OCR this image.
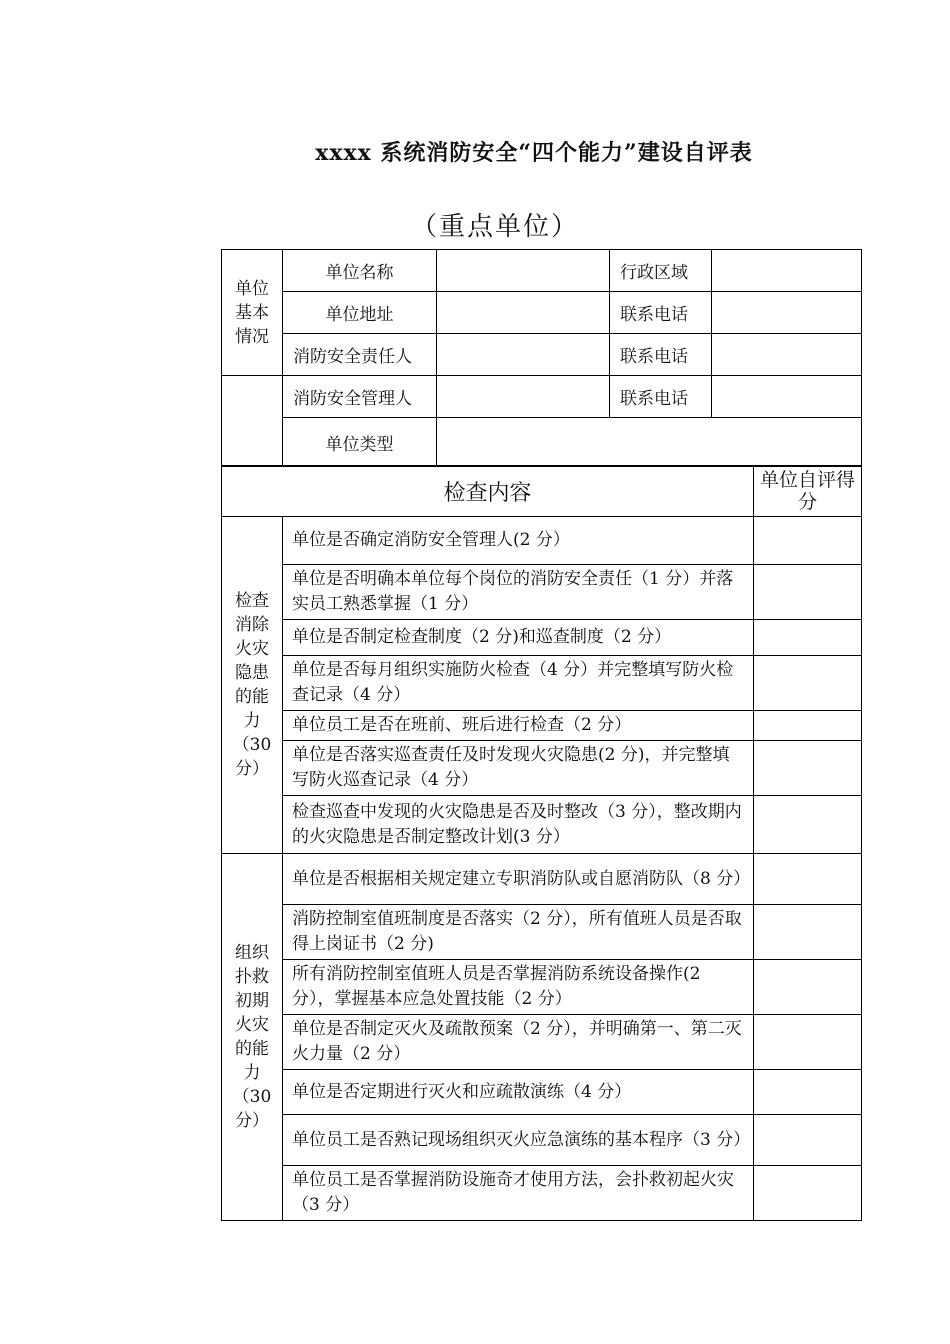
xxxx 系统消防安全“四个能力”建设自评表
（重点单位）
单位基本情况	单位名称		行政区域	
	单位地址		联系电话	
	消防安全责任人		联系电话	
	消防安全管理人		联系电话	
	单位类型			
检查内容		单位自评得分
检查消除火灾隐患的能力（30分）	单位是否确定消防安全管理人(2 分）	
	单位是否明确本单位每个岗位的消防安全责任（1 分）并落实员工熟悉掌握（1 分）	
	单位是否制定检查制度（2 分)和巡查制度（2 分）	
	单位是否每月组织实施防火检查（4 分）并完整填写防火检查记录（4 分）	
	单位员工是否在班前、班后进行检查（2 分）	
	单位是否落实巡查责任及时发现火灾隐患(2 分)，并完整填写防火巡查记录（4 分）	
	检查巡查中发现的火灾隐患是否及时整改（3 分），整改期内的火灾隐患是否制定整改计划(3 分）	
组织扑救初期火灾的能力（30分）	单位是否根据相关规定建立专职消防队或自愿消防队（8 分）	
	消防控制室值班制度是否落实（2 分），所有值班人员是否取得上岗证书（2 分)	
	所有消防控制室值班人员是否掌握消防系统设备操作(2 分），掌握基本应急处置技能（2 分）	
	单位是否制定灭火及疏散预案（2 分），并明确第一、第二灭火力量（2 分）	
	单位是否定期进行灭火和应疏散演练（4 分）	
	单位员工是否熟记现场组织灭火应急演练的基本程序（3 分）	
	单位员工是否掌握消防设施奇才使用方法，会扑救初起火灾（3 分）	
